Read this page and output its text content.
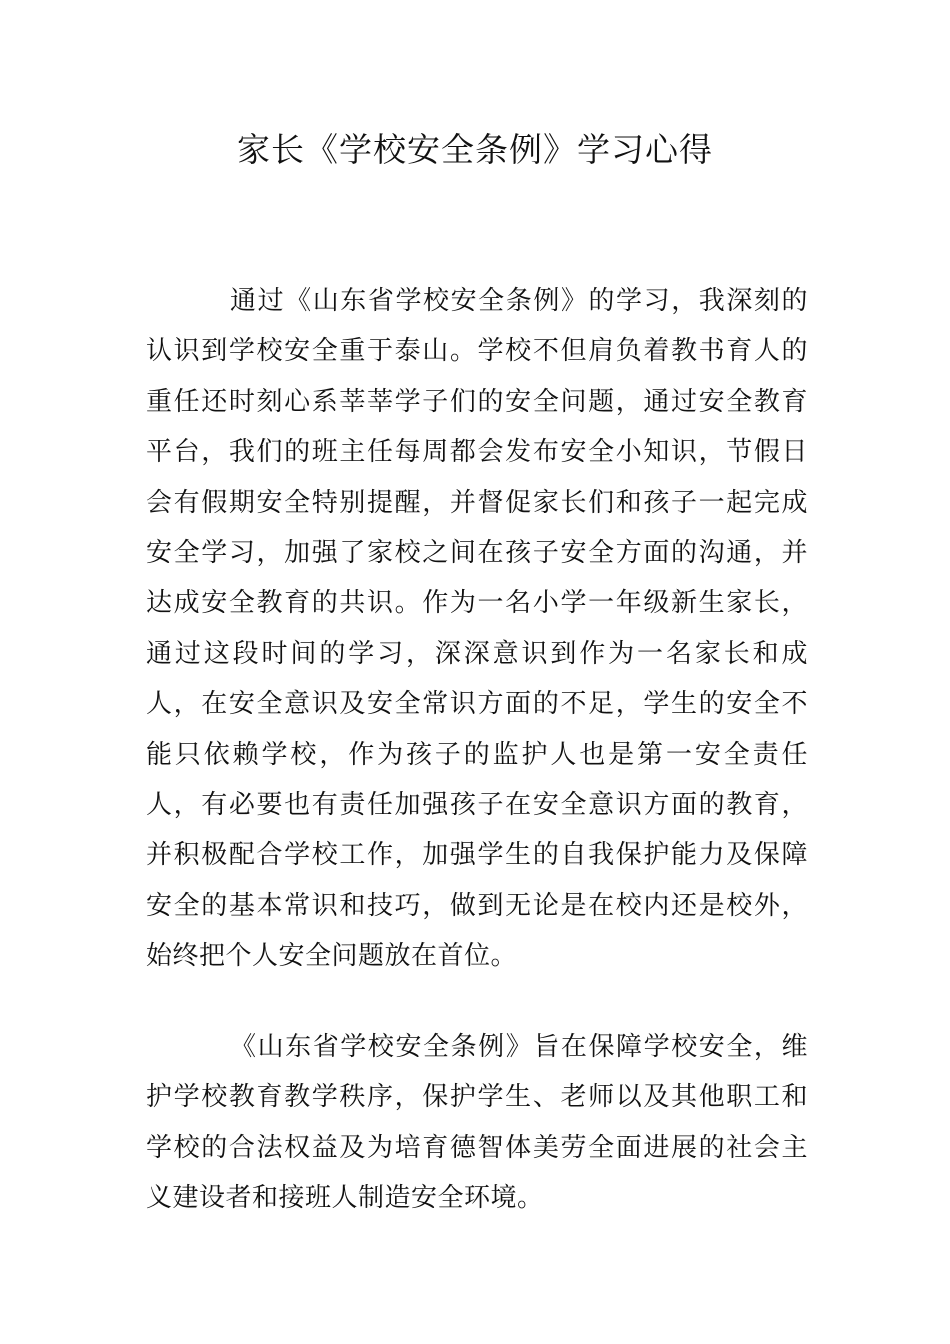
家长《学校安全条例》学习心得

通过《山东省学校安全条例》的学习，我深刻的认识到学校安全重于泰山。学校不但肩负着教书育人的重任还时刻心系莘莘学子们的安全问题，通过安全教育平台，我们的班主任每周都会发布安全小知识，节假日会有假期安全特别提醒，并督促家长们和孩子一起完成安全学习，加强了家校之间在孩子安全方面的沟通，并达成安全教育的共识。作为一名小学一年级新生家长，通过这段时间的学习，深深意识到作为一名家长和成人，在安全意识及安全常识方面的不足，学生的安全不能只依赖学校，作为孩子的监护人也是第一安全责任人，有必要也有责任加强孩子在安全意识方面的教育，并积极配合学校工作，加强学生的自我保护能力及保障安全的基本常识和技巧，做到无论是在校内还是校外，始终把个人安全问题放在首位。

《山东省学校安全条例》旨在保障学校安全，维护学校教育教学秩序，保护学生、老师以及其他职工和学校的合法权益及为培育德智体美劳全面进展的社会主义建设者和接班人制造安全环境。
